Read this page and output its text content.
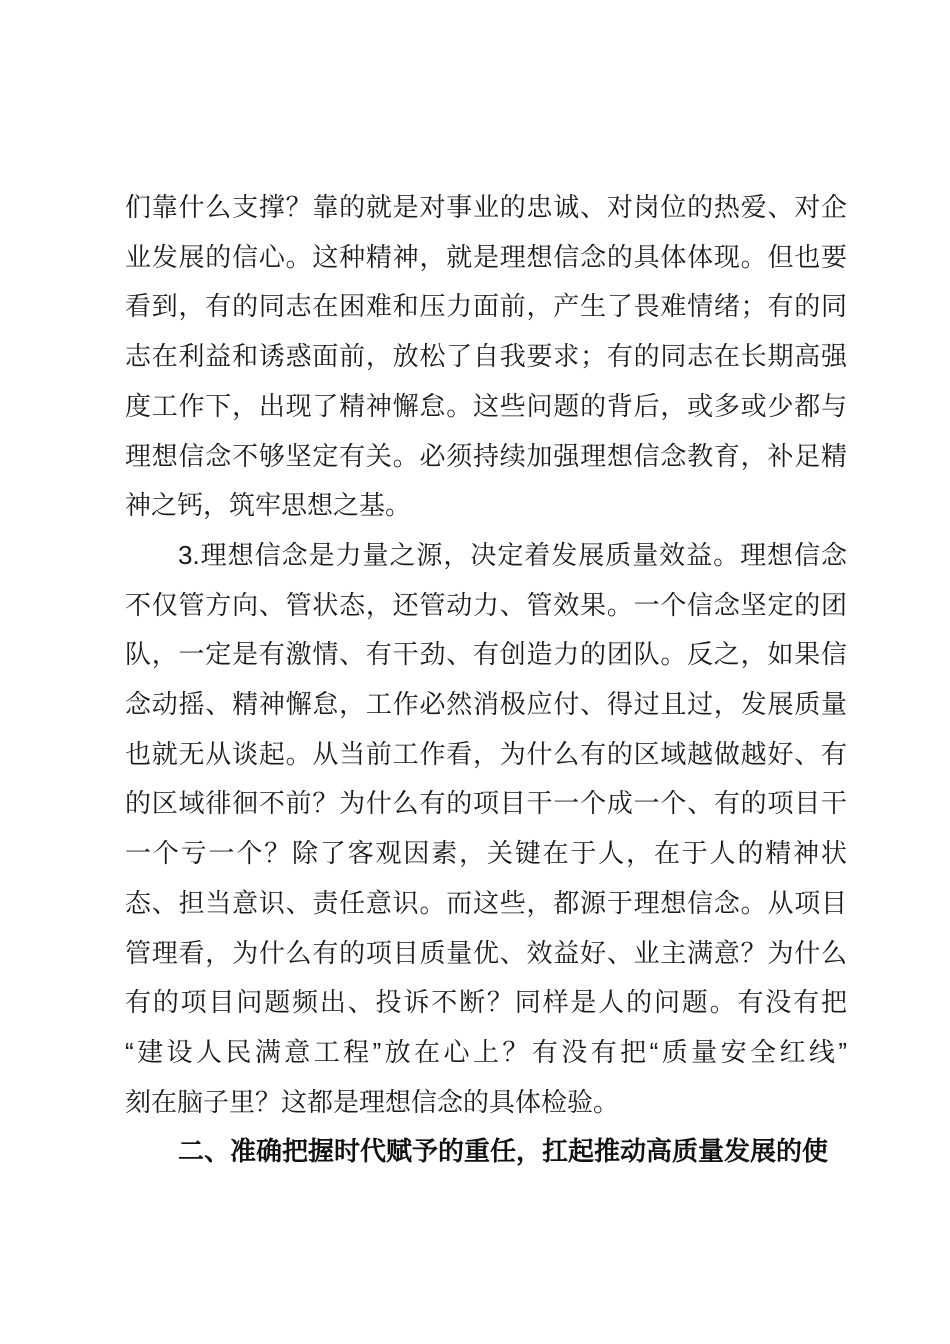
们靠什么支撑？靠的就是对事业的忠诚、对岗位的热爱、对企
业发展的信心。这种精神，就是理想信念的具体体现。但也要
看到，有的同志在困难和压力面前，产生了畏难情绪；有的同
志在利益和诱惑面前，放松了自我要求；有的同志在长期高强
度工作下，出现了精神懈怠。这些问题的背后，或多或少都与
理想信念不够坚定有关。必须持续加强理想信念教育，补足精
神之钙，筑牢思想之基。
3.理想信念是力量之源，决定着发展质量效益。理想信念
不仅管方向、管状态，还管动力、管效果。一个信念坚定的团
队，一定是有激情、有干劲、有创造力的团队。反之，如果信
念动摇、精神懈怠，工作必然消极应付、得过且过，发展质量
也就无从谈起。从当前工作看，为什么有的区域越做越好、有
的区域徘徊不前？为什么有的项目干一个成一个、有的项目干
一个亏一个？除了客观因素，关键在于人，在于人的精神状
态、担当意识、责任意识。而这些，都源于理想信念。从项目
管理看，为什么有的项目质量优、效益好、业主满意？为什么
有的项目问题频出、投诉不断？同样是人的问题。有没有把
“建设人民满意工程”放在心上？有没有把“质量安全红线”
刻在脑子里？这都是理想信念的具体检验。
二、准确把握时代赋予的重任，扛起推动高质量发展的使
